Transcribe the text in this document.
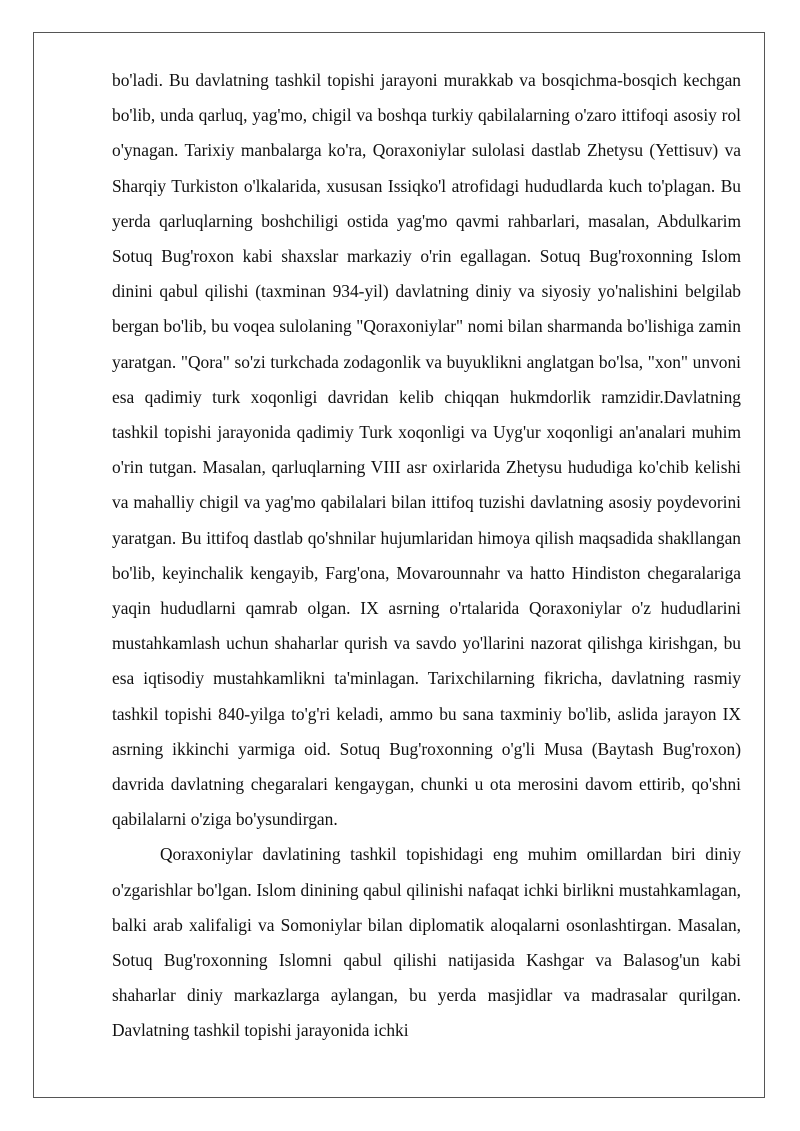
bo'ladi. Bu davlatning tashkil topishi jarayoni murakkab va bosqichma-bosqich kechgan bo'lib, unda qarluq, yag'mo, chigil va boshqa turkiy qabilalarning o'zaro ittifoqi asosiy rol o'ynagan. Tarixiy manbalarga ko'ra, Qoraxoniylar sulolasi dastlab Zhetysu (Yettisuv) va Sharqiy Turkiston o'lkalarida, xususan Issiqko'l atrofidagi hududlarda kuch to'plagan. Bu yerda qarluqlarning boshchiligi ostida yag'mo qavmi rahbarlari, masalan, Abdulkarim Sotuq Bug'roxon kabi shaxslar markaziy o'rin egallagan. Sotuq Bug'roxonning Islom dinini qabul qilishi (taxminan 934-yil) davlatning diniy va siyosiy yo'nalishini belgilab bergan bo'lib, bu voqea sulolaning "Qoraxoniylar" nomi bilan sharmanda bo'lishiga zamin yaratgan. "Qora" so'zi turkchada zodagonlik va buyuklikni anglatgan bo'lsa, "xon" unvoni esa qadimiy turk xoqonligi davridan kelib chiqqan hukmdorlik ramzidir.Davlatning tashkil topishi jarayonida qadimiy Turk xoqonligi va Uyg'ur xoqonligi an'analari muhim o'rin tutgan. Masalan, qarluqlarning VIII asr oxirlarida Zhetysu hududiga ko'chib kelishi va mahalliy chigil va yag'mo qabilalari bilan ittifoq tuzishi davlatning asosiy poydevorini yaratgan. Bu ittifoq dastlab qo'shnilar hujumlaridan himoya qilish maqsadida shakllangan bo'lib, keyinchalik kengayib, Farg'ona, Movarounnahr va hatto Hindiston chegaralariga yaqin hududlarni qamrab olgan. IX asrning o'rtalarida Qoraxoniylar o'z hududlarini mustahkamlash uchun shaharlar qurish va savdo yo'llarini nazorat qilishga kirishgan, bu esa iqtisodiy mustahkamlikni ta'minlagan. Tarixchilarning fikricha, davlatning rasmiy tashkil topishi 840-yilga to'g'ri keladi, ammo bu sana taxminiy bo'lib, aslida jarayon IX asrning ikkinchi yarmiga oid. Sotuq Bug'roxonning o'g'li Musa (Baytash Bug'roxon) davrida davlatning chegaralari kengaygan, chunki u ota merosini davom ettirib, qo'shni qabilalarni o'ziga bo'ysundirgan.

Qoraxoniylar davlatining tashkil topishidagi eng muhim omillardan biri diniy o'zgarishlar bo'lgan. Islom dinining qabul qilinishi nafaqat ichki birlikni mustahkamlagan, balki arab xalifaligi va Somoniylar bilan diplomatik aloqalarni osonlashtirgan. Masalan, Sotuq Bug'roxonning Islomni qabul qilishi natijasida Kashgar va Balasog'un kabi shaharlar diniy markazlarga aylangan, bu yerda masjidlar va madrasalar qurilgan. Davlatning tashkil topishi jarayonida ichki
